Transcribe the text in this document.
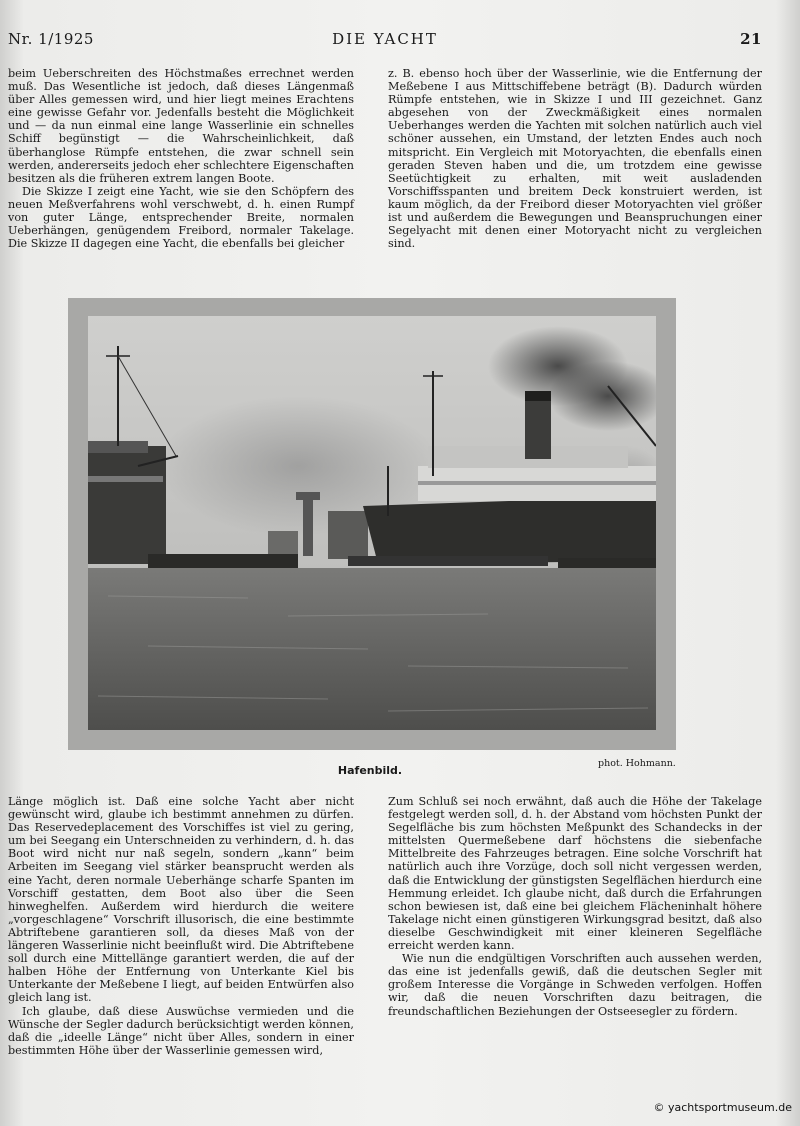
Nr. 1/1925	DIE YACHT	21

beim Ueberschreiten des Höchstmaßes errechnet werden muß. Das Wesentliche ist jedoch, daß dieses Längenmaß über Alles gemessen wird, und hier liegt meines Erachtens eine gewisse Gefahr vor. Jedenfalls besteht die Möglichkeit und — da nun einmal eine lange Wasserlinie ein schnelles Schiff begünstigt — die Wahrscheinlichkeit, daß überhanglose Rümpfe entstehen, die zwar schnell sein werden, andererseits jedoch eher schlechtere Eigenschaften besitzen als die früheren extrem langen Boote.

Die Skizze I zeigt eine Yacht, wie sie den Schöpfern des neuen Meßverfahrens wohl verschwebt, d. h. einen Rumpf von guter Länge, entsprechender Breite, normalen Ueberhängen, genügendem Freibord, normaler Takelage. Die Skizze II dagegen eine Yacht, die ebenfalls bei gleicher

z. B. ebenso hoch über der Wasserlinie, wie die Entfernung der Meßebene I aus Mittschiffebene beträgt (B). Dadurch würden Rümpfe entstehen, wie in Skizze I und III gezeichnet. Ganz abgesehen von der Zweckmäßigkeit eines normalen Ueberhanges werden die Yachten mit solchen natürlich auch viel schöner aussehen, ein Umstand, der letzten Endes auch noch mitspricht. Ein Vergleich mit Motoryachten, die ebenfalls einen geraden Steven haben und die, um trotzdem eine gewisse Seetüchtigkeit zu erhalten, mit weit ausladenden Vorschiffsspanten und breitem Deck konstruiert werden, ist kaum möglich, da der Freibord dieser Motoryachten viel größer ist und außerdem die Bewegungen und Beanspruchungen einer Segelyacht mit denen einer Motoryacht nicht zu vergleichen sind.

phot. Hohmann.
Hafenbild.

Länge möglich ist. Daß eine solche Yacht aber nicht gewünscht wird, glaube ich bestimmt annehmen zu dürfen. Das Reservedeplacement des Vorschiffes ist viel zu gering, um bei Seegang ein Unterschneiden zu verhindern, d. h. das Boot wird nicht nur naß segeln, sondern „kann“ beim Arbeiten im Seegang viel stärker beansprucht werden als eine Yacht, deren normale Ueberhänge scharfe Spanten im Vorschiff gestatten, dem Boot also über die Seen hinweghelfen. Außerdem wird hierdurch die weitere „vorgeschlagene“ Vorschrift illusorisch, die eine bestimmte Abtriftebene garantieren soll, da dieses Maß von der längeren Wasserlinie nicht beeinflußt wird. Die Abtriftebene soll durch eine Mittellänge garantiert werden, die auf der halben Höhe der Entfernung von Unterkante Kiel bis Unterkante der Meßebene I liegt, auf beiden Entwürfen also gleich lang ist.

Ich glaube, daß diese Auswüchse vermieden und die Wünsche der Segler dadurch berücksichtigt werden können, daß die „ideelle Länge“ nicht über Alles, sondern in einer bestimmten Höhe über der Wasserlinie gemessen wird,

Zum Schluß sei noch erwähnt, daß auch die Höhe der Takelage festgelegt werden soll, d. h. der Abstand vom höchsten Punkt der Segelfläche bis zum höchsten Meßpunkt des Schandecks in der mittelsten Quermeßebene darf höchstens die siebenfache Mittelbreite des Fahrzeuges betragen. Eine solche Vorschrift hat natürlich auch ihre Vorzüge, doch soll nicht vergessen werden, daß die Entwicklung der günstigsten Segelflächen hierdurch eine Hemmung erleidet. Ich glaube nicht, daß durch die Erfahrungen schon bewiesen ist, daß eine bei gleichem Flächeninhalt höhere Takelage nicht einen günstigeren Wirkungsgrad besitzt, daß also dieselbe Geschwindigkeit mit einer kleineren Segelfläche erreicht werden kann.

Wie nun die endgültigen Vorschriften auch aussehen werden, das eine ist jedenfalls gewiß, daß die deutschen Segler mit großem Interesse die Vorgänge in Schweden verfolgen. Hoffen wir, daß die neuen Vorschriften dazu beitragen, die freundschaftlichen Beziehungen der Ostseesegler zu fördern.

© yachtsportmuseum.de
